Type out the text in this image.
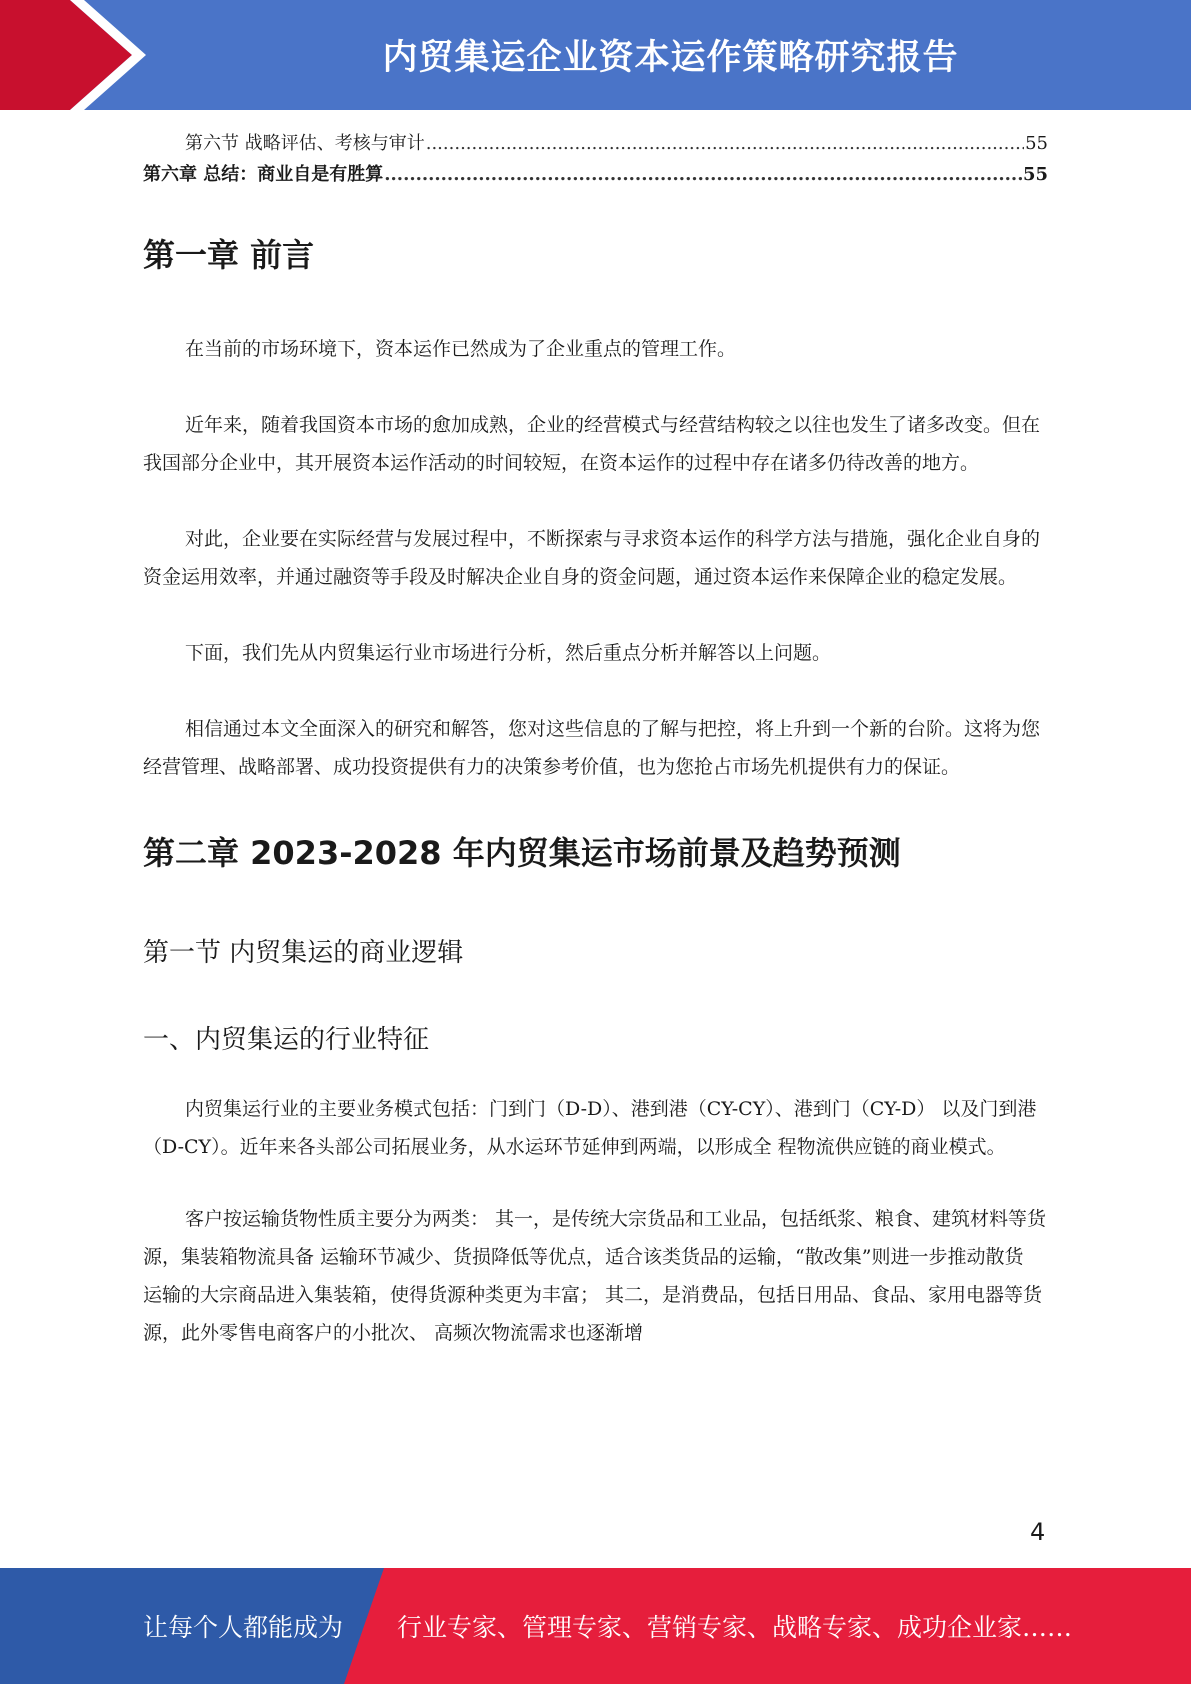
内贸集运企业资本运作策略研究报告
第六节 战略评估、考核与审计 .....	55
第六章 总结：商业自是有胜算 .....	55
第一章 前言

在当前的市场环境下，资本运作已然成为了企业重点的管理工作。

近年来，随着我国资本市场的愈加成熟，企业的经营模式与经营结构较之以往也发生了诸多改变。但在我国部分企业中，其开展资本运作活动的时间较短，在资本运作的过程中存在诸多仍待改善的地方。

对此，企业要在实际经营与发展过程中，不断探索与寻求资本运作的科学方法与措施，强化企业自身的资金运用效率，并通过融资等手段及时解决企业自身的资金问题，通过资本运作来保障企业的稳定发展。

下面，我们先从内贸集运行业市场进行分析，然后重点分析并解答以上问题。

相信通过本文全面深入的研究和解答，您对这些信息的了解与把控，将上升到一个新的台阶。这将为您经营管理、战略部署、成功投资提供有力的决策参考价值，也为您抢占市场先机提供有力的保证。

第二章 2023-2028 年内贸集运市场前景及趋势预测
第一节 内贸集运的商业逻辑
一、内贸集运的行业特征

内贸集运行业的主要业务模式包括：门到门（D-D）、港到港（CY-CY）、港到门（CY-D） 以及门到港（D-CY）。近年来各头部公司拓展业务，从水运环节延伸到两端，以形成全 程物流供应链的商业模式。

客户按运输货物性质主要分为两类： 其一，是传统大宗货品和工业品，包括纸浆、粮食、建筑材料等货源，集装箱物流具备 运输环节减少、货损降低等优点，适合该类货品的运输，“散改集”则进一步推动散货 运输的大宗商品进入集装箱，使得货源种类更为丰富； 其二，是消费品，包括日用品、食品、家用电器等货源，此外零售电商客户的小批次、 高频次物流需求也逐渐增

4
让每个人都能成为 行业专家、管理专家、营销专家、战略专家、成功企业家……
